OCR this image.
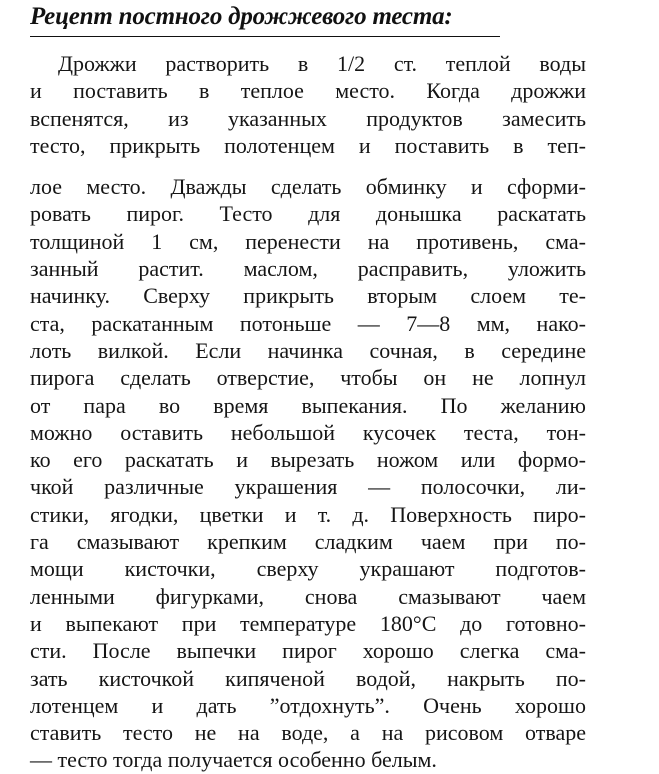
Рецепт постного дрожжевого теста:
Дрожжи растворить в 1/2 ст. теплой воды
и поставить в теплое место. Когда дрожжи
вспенятся, из указанных продуктов замесить
тесто, прикрыть полотенцем и поставить в теп-
лое место. Дважды сделать обминку и сформи-
ровать пирог. Тесто для донышка раскатать
толщиной 1 см, перенести на противень, сма-
занный растит. маслом, расправить, уложить
начинку. Сверху прикрыть вторым слоем те-
ста, раскатанным потоньше — 7—8 мм, нако-
лоть вилкой. Если начинка сочная, в середине
пирога сделать отверстие, чтобы он не лопнул
от пара во время выпекания. По желанию
можно оставить небольшой кусочек теста, тон-
ко его раскатать и вырезать ножом или формо-
чкой различные украшения — полосочки, ли-
стики, ягодки, цветки и т. д. Поверхность пиро-
га смазывают крепким сладким чаем при по-
мощи кисточки, сверху украшают подготов-
ленными фигурками, снова смазывают чаем
и выпекают при температуре 180°С до готовно-
сти. После выпечки пирог хорошо слегка сма-
зать кисточкой кипяченой водой, накрыть по-
лотенцем и дать ”отдохнуть”. Очень хорошо
ставить тесто не на воде, а на рисовом отваре
— тесто тогда получается особенно белым.
